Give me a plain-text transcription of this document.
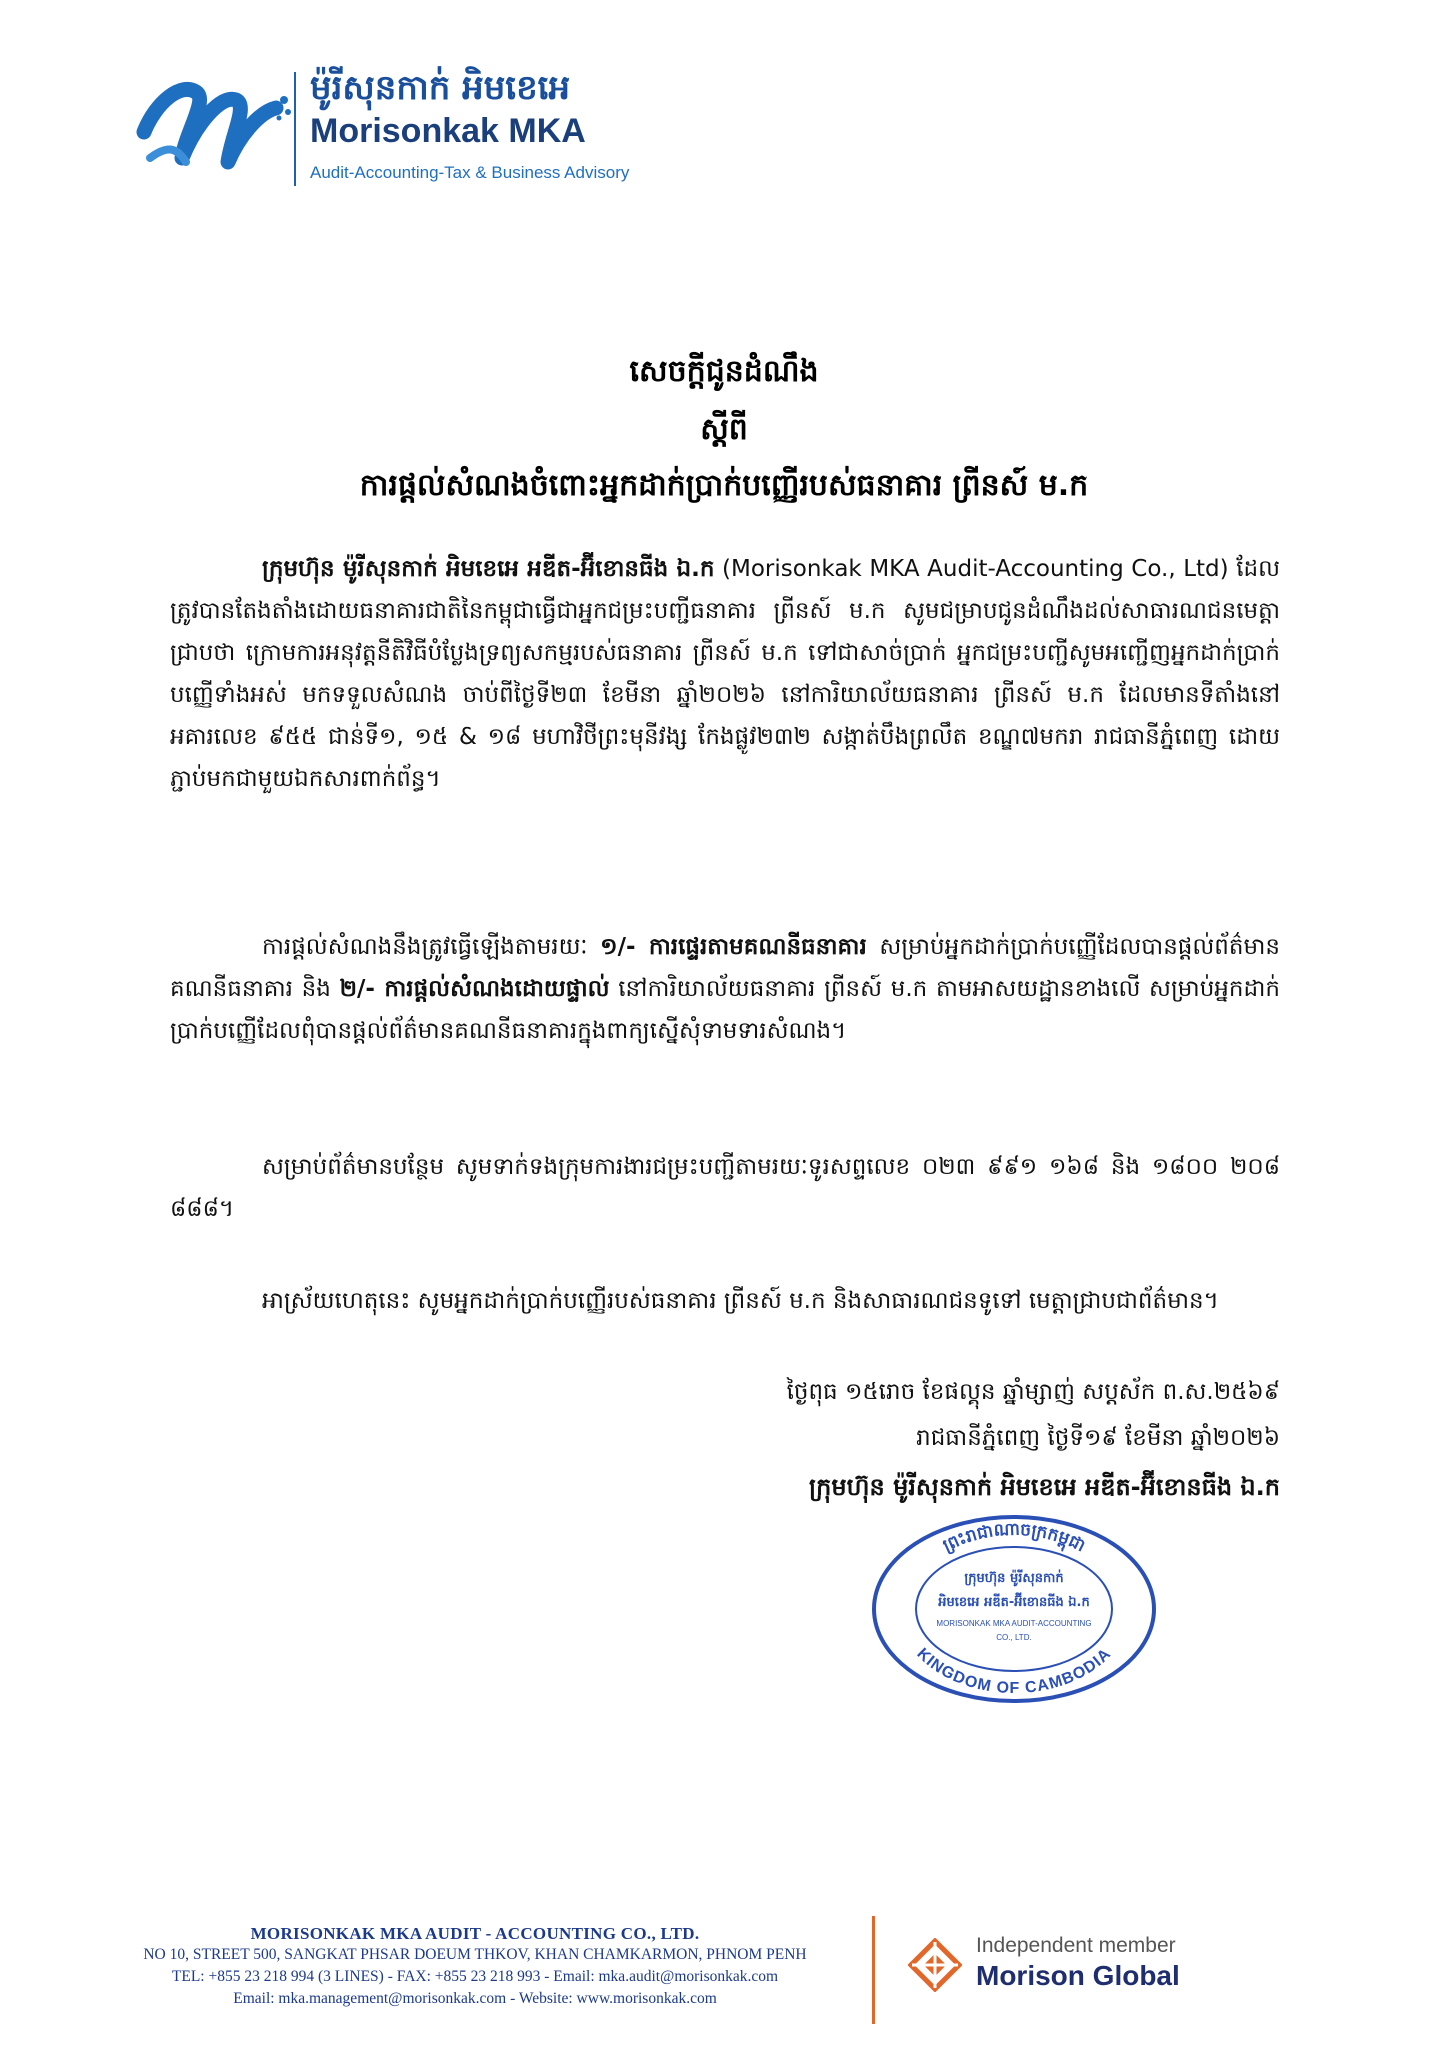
ម៉ូរីសុនកាក់ អិមខេអេ
Morisonkak MKA
Audit-Accounting-Tax & Business Advisory
សេចក្តីជូនដំណឹង
ស្តីពី
ការផ្តល់សំណងចំពោះអ្នកដាក់ប្រាក់បញ្ញើរបស់ធនាគារ ព្រីនស៍ ម.ក
ក្រុមហ៊ុន ម៉ូរីសុនកាក់ អិមខេអេ អឌីត-អ៊ីខោនធីង ឯ.ក (Morisonkak MKA Audit-Accounting Co., Ltd) ដែលត្រូវបានតែងតាំងដោយធនាគារជាតិនៃកម្ពុជាធ្វើជាអ្នកជម្រះបញ្ជីធនាគារ ព្រីនស៍ ម.ក សូមជម្រាបជូនដំណឹងដល់សាធារណជនមេត្តាជ្រាបថា ក្រោមការអនុវត្តនីតិវិធីបំប្លែងទ្រព្យសកម្មរបស់ធនាគារ ព្រីនស៍ ម.ក ទៅជាសាច់ប្រាក់ អ្នកជម្រះបញ្ជីសូមអញ្ជើញអ្នកដាក់ប្រាក់បញ្ញើទាំងអស់ មកទទួលសំណង ចាប់ពីថ្ងៃទី២៣ ខែមីនា ឆ្នាំ២០២៦ នៅការិយាល័យធនាគារ ព្រីនស៍ ម.ក ដែលមានទីតាំងនៅអគារលេខ ៩៥៥ ជាន់ទី១, ១៥ & ១៨ មហាវិថីព្រះមុនីវង្ស កែងផ្លូវ២៣២ សង្កាត់បឹងព្រលឹត ខណ្ឌ៧មករា រាជធានីភ្នំពេញ ដោយភ្ជាប់មកជាមួយឯកសារពាក់ព័ន្ធ។
ការផ្តល់សំណងនឹងត្រូវធ្វើឡើងតាមរយៈ ១/- ការផ្ទេរតាមគណនីធនាគារ សម្រាប់អ្នកដាក់ប្រាក់បញ្ញើដែលបានផ្តល់ព័ត៌មានគណនីធនាគារ និង ២/- ការផ្តល់សំណងដោយផ្ទាល់ នៅការិយាល័យធនាគារ ព្រីនស៍ ម.ក តាមអាសយដ្ឋានខាងលើ សម្រាប់អ្នកដាក់ប្រាក់បញ្ញើដែលពុំបានផ្តល់ព័ត៌មានគណនីធនាគារក្នុងពាក្យស្នើសុំទាមទារសំណង។
សម្រាប់ព័ត៌មានបន្ថែម សូមទាក់ទងក្រុមការងារជម្រះបញ្ជីតាមរយៈទូរសព្ទលេខ ០២៣ ៩៩១ ១៦៨ និង ១៨០០ ២០៨ ៨៨៨។
អាស្រ័យហេតុនេះ សូមអ្នកដាក់ប្រាក់បញ្ញើរបស់ធនាគារ ព្រីនស៍ ម.ក និងសាធារណជនទូទៅ មេត្តាជ្រាបជាព័ត៌មាន។
ថ្ងៃពុធ ១៥រោច ខែផល្គុន ឆ្នាំម្សាញ់ សប្តស័ក ព.ស.២៥៦៩
រាជធានីភ្នំពេញ ថ្ងៃទី១៩ ខែមីនា ឆ្នាំ២០២៦
ក្រុមហ៊ុន ម៉ូរីសុនកាក់ អិមខេអេ អឌីត-អ៊ីខោនធីង ឯ.ក
ព្រះរាជាណាចក្រកម្ពុជា
KINGDOM OF CAMBODIA
ក្រុមហ៊ុន ម៉ូរីសុនកាក់
អិមខេអេ អឌីត-អ៊ីខោនធីង ឯ.ក
MORISONKAK MKA AUDIT-ACCOUNTING
CO., LTD.
MORISONKAK MKA AUDIT - ACCOUNTING CO., LTD.
NO 10, STREET 500, SANGKAT PHSAR DOEUM THKOV, KHAN CHAMKARMON, PHNOM PENH
TEL: +855 23 218 994 (3 LINES) - FAX: +855 23 218 993 - Email: mka.audit@morisonkak.com
Email: mka.management@morisonkak.com - Website: www.morisonkak.com
Independent member
Morison Global
